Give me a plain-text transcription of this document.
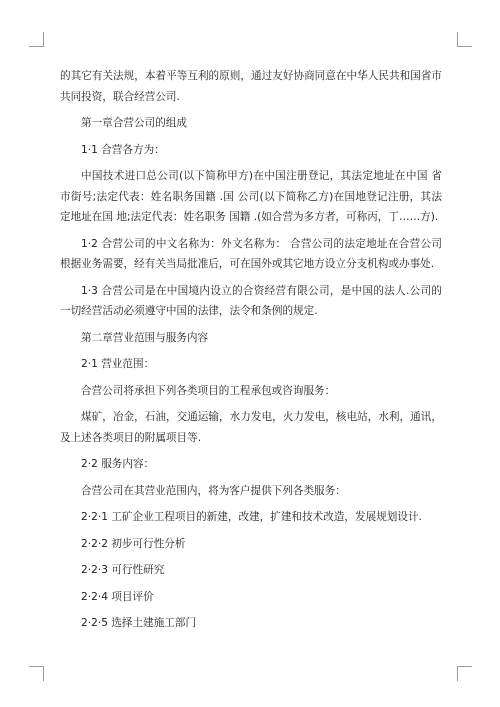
的其它有关法规，本着平等互利的原则，通过友好协商同意在中华人民共和国省市共同投资，联合经营公司.

第一章合营公司的组成

1·1 合营各方为：

中国技术进口总公司(以下简称甲方)在中国注册登记，其法定地址在中国 省市街号;法定代表：姓名职务国籍 .国 公司(以下简称乙方)在国地登记注册，其法定地址在国 地;法定代表：姓名职务 国籍 .(如合营为多方者，可称丙，丁……方).

1·2 合营公司的中文名称为：外文名称为： 合营公司的法定地址在合营公司根据业务需要，经有关当局批准后，可在国外或其它地方设立分支机构或办事处.

1·3 合营公司是在中国境内设立的合资经营有限公司，是中国的法人.公司的一切经营活动必须遵守中国的法律，法令和条例的规定.

第二章营业范围与服务内容

2·1 营业范围：

合营公司将承担下列各类项目的工程承包或咨询服务：

煤矿，冶金，石油，交通运输，水力发电，火力发电，核电站，水利，通讯，及上述各类项目的附属项目等.

2·2 服务内容：

合营公司在其营业范围内，将为客户提供下列各类服务：

2·2·1 工矿企业工程项目的新建，改建，扩建和技术改造，发展规划设计.

2·2·2 初步可行性分析

2·2·3 可行性研究

2·2·4 项目评价

2·2·5 选择土建施工部门
